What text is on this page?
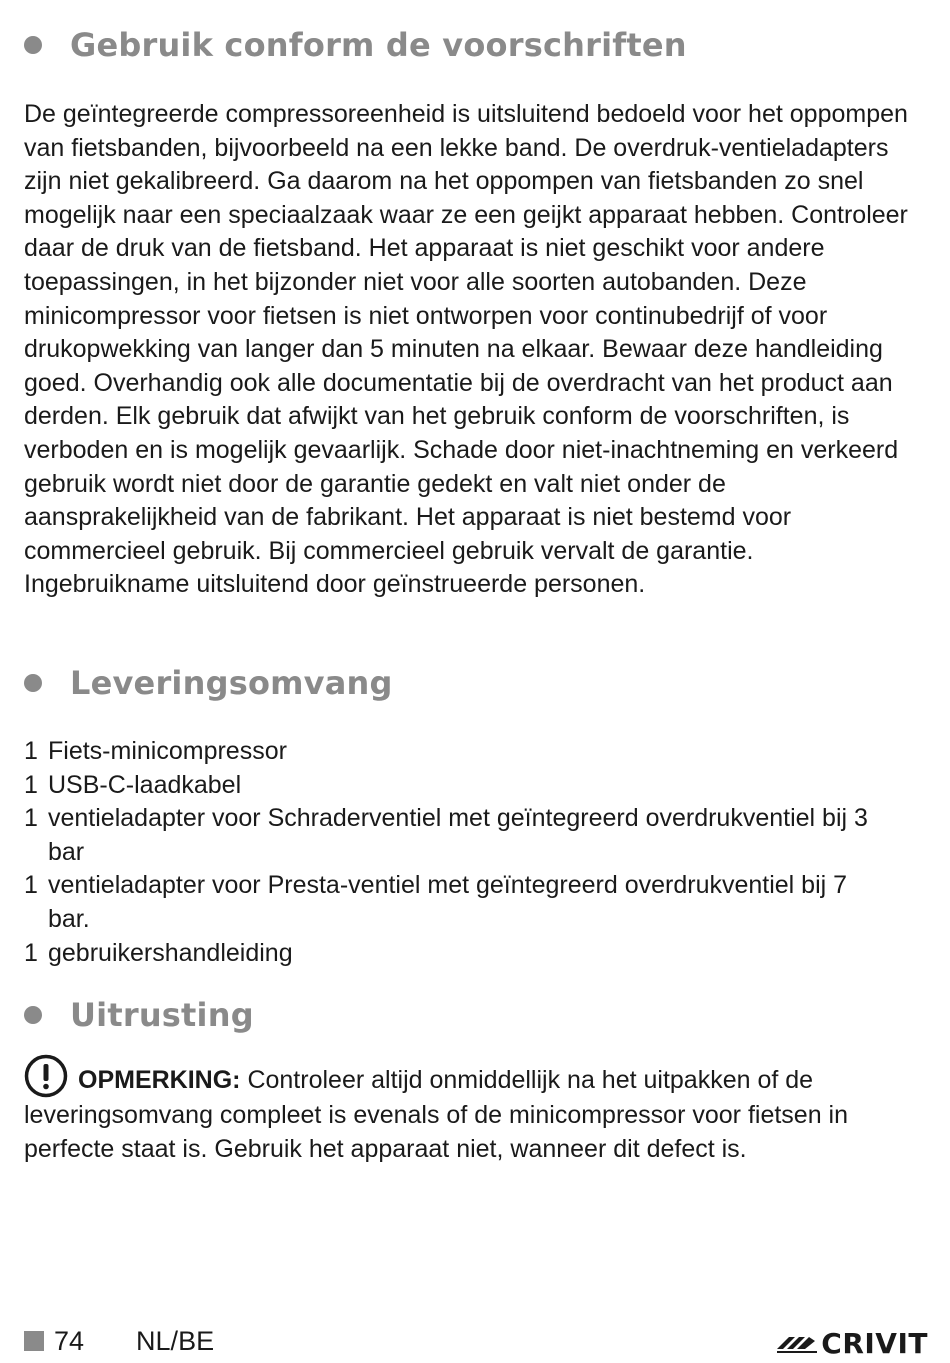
Gebruik conform de voorschriften

De geïntegreerde compressoreenheid is uitsluitend bedoeld voor het oppompen van fietsbanden, bijvoorbeeld na een lekke band. De overdruk-ventieladapters zijn niet gekalibreerd. Ga daarom na het oppompen van fietsbanden zo snel mogelijk naar een speciaalzaak waar ze een geijkt apparaat hebben. Controleer daar de druk van de fietsband. Het apparaat is niet geschikt voor andere toepassingen, in het bijzonder niet voor alle soorten autobanden. Deze minicompressor voor fietsen is niet ontworpen voor continubedrijf of voor drukopwekking van langer dan 5 minuten na elkaar. Bewaar deze handleiding goed. Overhandig ook alle documentatie bij de overdracht van het product aan derden. Elk gebruik dat afwijkt van het gebruik conform de voorschriften, is verboden en is mogelijk gevaarlijk. Schade door niet-inachtneming en verkeerd gebruik wordt niet door de garantie gedekt en valt niet onder de aansprakelijkheid van de fabrikant. Het apparaat is niet bestemd voor commercieel gebruik. Bij commercieel gebruik vervalt de garantie. Ingebruikname uitsluitend door geïnstrueerde personen.

Leveringsomvang
1 Fiets-minicompressor
1 USB-C-laadkabel
1 ventieladapter voor Schraderventiel met geïntegreerd overdrukventiel bij 3 bar
1 ventieladapter voor Presta-ventiel met geïntegreerd overdrukventiel bij 7 bar.
1 gebruikershandleiding
Uitrusting

OPMERKING: Controleer altijd onmiddellijk na het uitpakken of de leveringsomvang compleet is evenals of de minicompressor voor fietsen in perfecte staat is. Gebruik het apparaat niet, wanneer dit defect is.

74 NL/BE	CRIVIT
